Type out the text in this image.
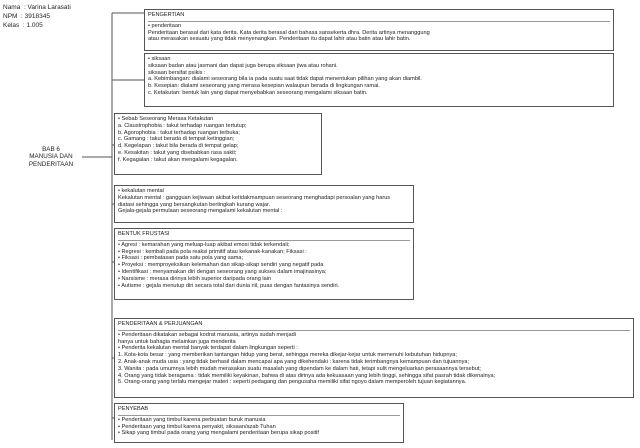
Nama  : Varina Larasati
NPM  : 3918345
Kelas  : 1.005
BAB 6
MANUSIA DAN PENDERITAAN
PENGERTIAN
• penderitaan
Penderitaan berasal dari kata derita. Kata derita berasal dari bahasa sansekerta dhra. Derita artinya menanggung
atau merasakan sesuatu yang tidak menyenangkan. Penderitaan itu dapat lahir atau batin atau lahir batin.
• siksaan
siksaan badan atau jasmani dan dapat juga berupa siksaan jiwa atau rohani.
siksaan bersifat psikis :
a. Kebimbangan: dialami seseorang bila ia pada suatu saat tidak dapat menentukan pilihan yang akan diambil.
b. Kesepian: dialami seseorang yang merasa kesepian walaupun berada di lingkungan ramai.
c. Ketakutan: bentuk lain yang dapat menyebabkan seseorang mengalami siksaan batin.
• Sebab Seseorang Merasa Ketakutan
a. Claustrophobia : takut terhadap ruangan tertutup;
b. Agorophobia : takut terhadap ruangan terbuka;
c. Gamang : takut berada di tempat ketinggian;
d. Kegelapan : takut bila berada di tempat gelap;
e. Kesakitan : takut yang disebabkan rasa sakit;
f. Kegagalan : takut akan mengalami kegagalan.
• kekalutan mental
Kekalutan mental : gangguan kejiwaan akibat ketidakmampuan seseorang menghadapi persoalan yang harus
diatasi sehingga yang bersangkutan bertingkah kurang wajar.
Gejala-gejala permulaan seseorang mengalami kekalutan mental :
BENTUK FRUSTASI
• Agresi : kemarahan yang meluap-luap akibat emosi tidak terkendali;
• Regresi : kembali pada pola reaksi primitif atau kekanak-kanakan; Fiksasi :
• Fiksasi : pembatasan pada satu pola yang sama;
• Proyeksi : memproyeksikan kelemahan dan sikap-sikap sendiri yang negatif pada
• Identifikasi : menyamakan diri dengan seseorang yang sukses dalam imajinasinya;
• Narsisme : merasa dirinya lebih superior daripada orang lain
• Autisme : gejala menutup diri secara total dari dunia riil, puas dengan fantasinya sendiri.
PENDERITAAN & PERJUANGAN
• Penderitaan dikatakan sebagai kodrat manusia, artinya sudah menjadi
hanya untuk bahagia melainkan juga menderita
• Penderita kekalutan mental banyak terdapat dalam lingkungan seperti :
1. Kota-kota besar : yang memberikan tantangan hidup yang berat, sehingga mereka dikejar-kejar untuk memenuhi kebutuhan hidupnya;
2. Anak-anak muda usia : yang tidak berhasil dalam mencapai apa yang dikehendaki : karena tidak terimbangnya kemampuan dan tujuannya;
3. Wanita : pada umumnya lebih mudah merasakan suatu masalah yang dipendam ke dalam hati, tetapi sulit mengeluarkan perasaannya tersebut;
4. Orang yang tidak beragama : tidak memiliki keyakinan, bahwa di atas dirinya ada kekuasaan yang lebih tinggi, sehingga sifat pasrah tidak dikenalnya;
5. Orang-orang yang terlalu mengejar materi : seperti pedagang dan pengusaha memiliki sifat ngoyo dalam memperoleh tujuan kegiatannya.
PENYEBAB
• Penderitaan yang timbul karena perbuatan buruk manusia
• Penderitaan yang timbul karena penyakit, siksaan/azab Tuhan
• Sikap yang timbul pada orang yang mengalami penderitaan berupa sikap positif
